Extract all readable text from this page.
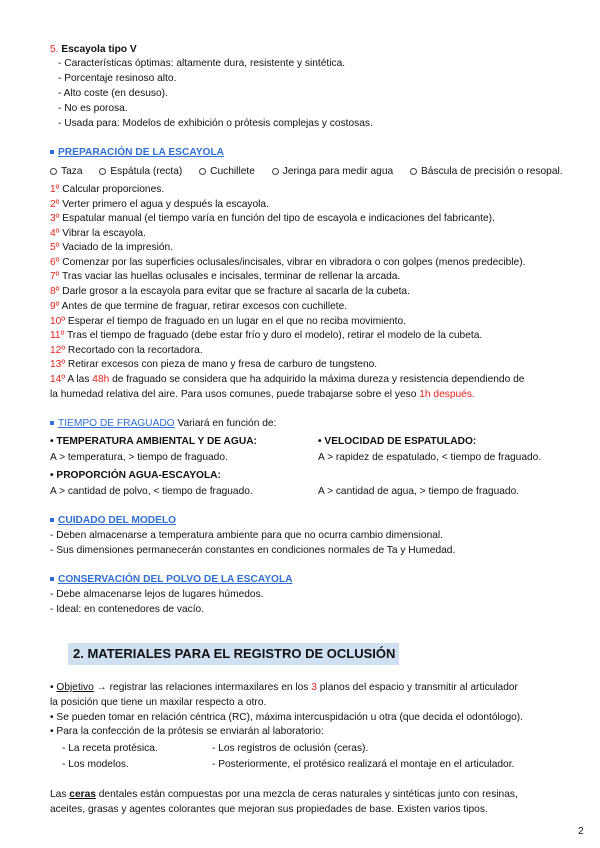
5. Escayola tipo V
- Características óptimas: altamente dura, resistente y sintética.
- Porcentaje resinoso alto.
- Alto coste (en desuso).
- No es porosa.
- Usada para: Modelos de exhibición o prótesis complejas y costosas.
PREPARACIÓN DE LA ESCAYOLA
Taza	Espátula (recta)	Cuchillete	Jeringa para medir agua	Báscula de precisión o resopal.
1º Calcular proporciones.
2º Verter primero el agua y después la escayola.
3º Espatular manual (el tiempo varía en función del tipo de escayola e indicaciones del fabricante).
4º Vibrar la escayola.
5º Vaciado de la impresión.
6º Comenzar por las superficies oclusales/incisales, vibrar en vibradora o con golpes (menos predecible).
7º Tras vaciar las huellas oclusales e incisales, terminar de rellenar la arcada.
8º Darle grosor a la escayola para evitar que se fracture al sacarla de la cubeta.
9º Antes de que termine de fraguar, retirar excesos con cuchillete.
10º Esperar el tiempo de fraguado en un lugar en el que no reciba movimiento.
11º Tras el tiempo de fraguado (debe estar frío y duro el modelo), retirar el modelo de la cubeta.
12º Recortado con la recortadora.
13º Retirar excesos con pieza de mano y fresa de carburo de tungsteno.
14º A las 48h de fraguado se considera que ha adquirido la máxima dureza y resistencia dependiendo de
la humedad relativa del aire. Para usos comunes, puede trabajarse sobre el yeso 1h después.
TIEMPO DE FRAGUADO Variará en función de:
• TEMPERATURA AMBIENTAL Y DE AGUA:
A > temperatura, > tiempo de fraguado.
• VELOCIDAD DE ESPATULADO:
A > rapidez de espatulado, < tiempo de fraguado.
• PROPORCIÓN AGUA-ESCAYOLA:
A > cantidad de polvo, < tiempo de fraguado.	A > cantidad de agua, > tiempo de fraguado.
CUIDADO DEL MODELO
- Deben almacenarse a temperatura ambiente para que no ocurra cambio dimensional.
- Sus dimensiones permanecerán constantes en condiciones normales de Ta y Humedad.
CONSERVACIÓN DEL POLVO DE LA ESCAYOLA
- Debe almacenarse lejos de lugares húmedos.
- Ideal: en contenedores de vacío.
2. MATERIALES PARA EL REGISTRO DE OCLUSIÓN
• Objetivo → registrar las relaciones intermaxilares en los 3 planos del espacio y transmitir al articulador
la posición que tiene un maxilar respecto a otro.
• Se pueden tomar en relación céntrica (RC), máxima intercuspidación u otra (que decida el odontólogo).
• Para la confección de la prótesis se enviarán al laboratorio:
- La receta protésica.	- Los registros de oclusión (ceras).
- Los modelos.	- Posteriormente, el protésico realizará el montaje en el articulador.
Las ceras dentales están compuestas por una mezcla de ceras naturales y sintéticas junto con resinas,
aceites, grasas y agentes colorantes que mejoran sus propiedades de base. Existen varios tipos.
2
